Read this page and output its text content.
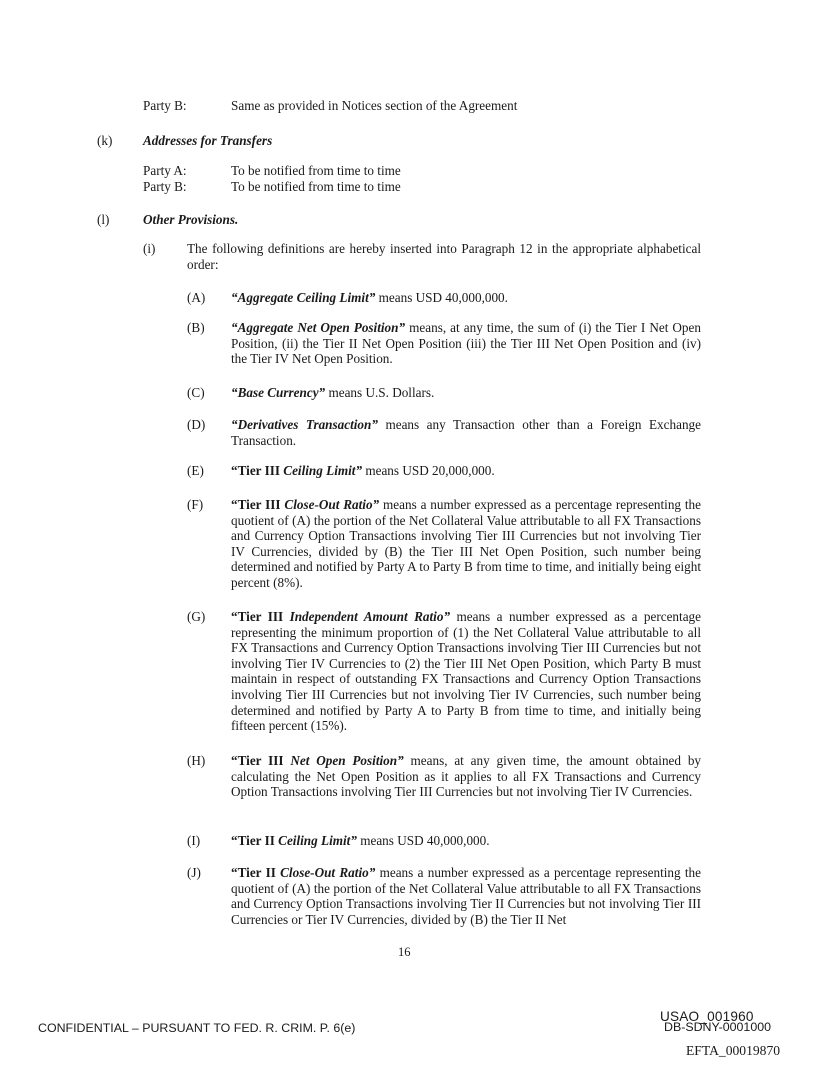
Party B:	Same as provided in Notices section of the Agreement
(k) Addresses for Transfers
Party A:	To be notified from time to time
Party B:	To be notified from time to time
(l)	Other Provisions.
(i) The following definitions are hereby inserted into Paragraph 12 in the appropriate alphabetical order:
(A) “Aggregate Ceiling Limit” means USD 40,000,000.
(B) “Aggregate Net Open Position” means, at any time, the sum of (i) the Tier I Net Open Position, (ii) the Tier II Net Open Position (iii) the Tier III Net Open Position and (iv) the Tier IV Net Open Position.
(C) “Base Currency” means U.S. Dollars.
(D) “Derivatives Transaction” means any Transaction other than a Foreign Exchange Transaction.
(E) “Tier III Ceiling Limit” means USD 20,000,000.
(F) “Tier III Close-Out Ratio” means a number expressed as a percentage representing the quotient of (A) the portion of the Net Collateral Value attributable to all FX Transactions and Currency Option Transactions involving Tier III Currencies but not involving Tier IV Currencies, divided by (B) the Tier III Net Open Position, such number being determined and notified by Party A to Party B from time to time, and initially being eight percent (8%).
(G) “Tier III Independent Amount Ratio” means a number expressed as a percentage representing the minimum proportion of (1) the Net Collateral Value attributable to all FX Transactions and Currency Option Transactions involving Tier III Currencies but not involving Tier IV Currencies to (2) the Tier III Net Open Position, which Party B must maintain in respect of outstanding FX Transactions and Currency Option Transactions involving Tier III Currencies but not involving Tier IV Currencies, such number being determined and notified by Party A to Party B from time to time, and initially being fifteen percent (15%).
(H) “Tier III Net Open Position” means, at any given time, the amount obtained by calculating the Net Open Position as it applies to all FX Transactions and Currency Option Transactions involving Tier III Currencies but not involving Tier IV Currencies.
(I) “Tier II Ceiling Limit” means USD 40,000,000.
(J) “Tier II Close-Out Ratio” means a number expressed as a percentage representing the quotient of (A) the portion of the Net Collateral Value attributable to all FX Transactions and Currency Option Transactions involving Tier II Currencies but not involving Tier III Currencies or Tier IV Currencies, divided by (B) the Tier II Net
16
CONFIDENTIAL – PURSUANT TO FED. R. CRIM. P. 6(e)
USAO_001960
DB-SDNY-0001000
EFTA_00019870
